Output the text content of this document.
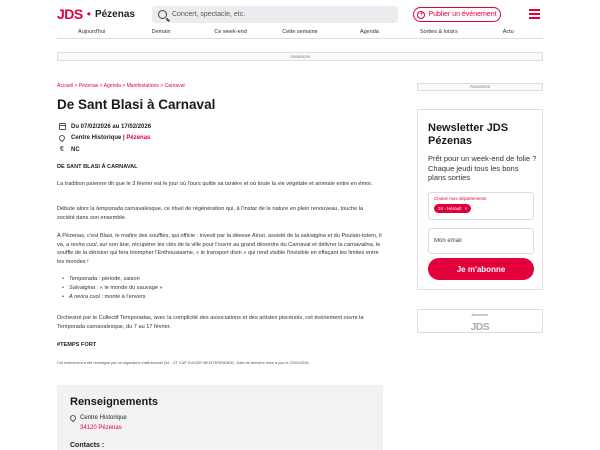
JDS • Pézenas
Concert, spectacle, etc.	+ Publier un événement
Aujourd'hui	Demain	Ce week-end	Cette semaine	Agenda	Sorties & loisirs	Actu
Annonces
Accueil > Pézenas > Agenda > Manifestations > Carnaval
De Sant Blasi à Carnaval
Du 07/02/2026 au 17/02/2026
Centre Historique | Pézenas
€	NC
DE SANT BLASI À CARNAVAL
La tradition païenne dit que le 3 février est le jour où l'ours quitte sa tanière et où toute la vie végétale et animale entre en émoi.
Débute alors la temporada carnavalesque, ce rituel de régénération qui, à l'instar de la nature en plein renouveau, touche la société dans son ensemble.
À Pézenas, c'est Blasi, le maître des souffles, qui officie : investi par la déesse Aïnaï, assisté de la salvatgina et du Poulain-totem, il va, a revira cuol, sur son âne, récupérer les clés de la ville pour l'ouvrir au grand désordre du Carnaval et délivrer la carnavalina, le souffle de la dérision qui fera triompher l'Enthousiasme, « le transport divin » qui rend visible l'invisible en effaçant les limites entre les mondes !
• Temporada : période, saison
• Salvatgina : « le monde du sauvage »
• A revira cuol : monté à l'envers
Orchestré par le Collectif Temporadas, avec la complicité des associations et des artistes piscénois, cet événement ouvre la Temporada carnavalesque, du 7 au 17 février.
#TEMPS FORT
Cet événement a été renseigné par un organisme institutionnel (34 - OT CAP D'AGDE MEDITERRANEE). Date de dernière mise à jour le 23/01/2026.
Renseignements
Centre Historique
34120 Pézenas
Contacts :
Annonces
Newsletter JDS Pézenas
Prêt pour un week-end de folie ? Chaque jeudi tous les bons plans sorties
Choisir mes départements
34 - Hérault ×
Mon email
Je m'abonne
Annonces
JDS
